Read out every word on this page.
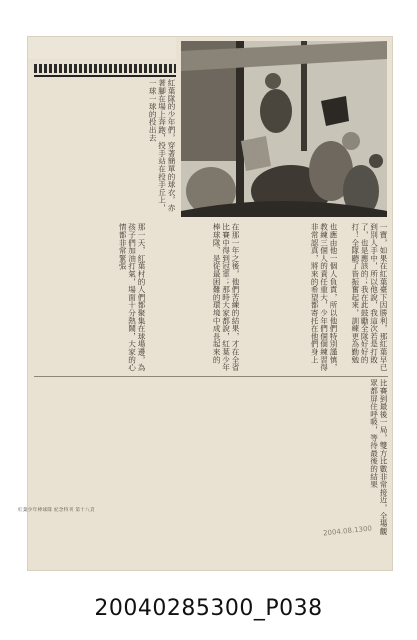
一寶，如果在紅葉臺下因勝利，那紅葉早已到別人手中，所以他說，我這次若是打敗了，也是應該的；我在此鼓勵全隊好好的打！全隊聽了皆振奮起來，訓練更為勤勉
也應由他一個人負責，所以他們特別謹慎，教練三個人的責任重大，少年們個個練習得非常認真，將來的希望都寄托在他們身上
在那一年之後，他們苦練的結果，才在全省比賽中得到冠軍；那時大家都說，紅葉少年棒球隊，是從最困難的環境中成長起來的
那一天，紅葉村的人們都聚集在球場邊，為孩子們加油打氣，場面十分熱鬧，大家的心情都非常緊張
紅葉隊的少年們，穿著簡單的球衣，赤著腳在場上奔跑，投手站在投手丘上，一球一球的投出去
比賽到最後一局，雙方比數非常接近，全場觀眾都屏住呼吸，等待最後的結果
紅葉少年棒球隊 紀念特刊 第十八頁
2004.08.1300
20040285300_P038
